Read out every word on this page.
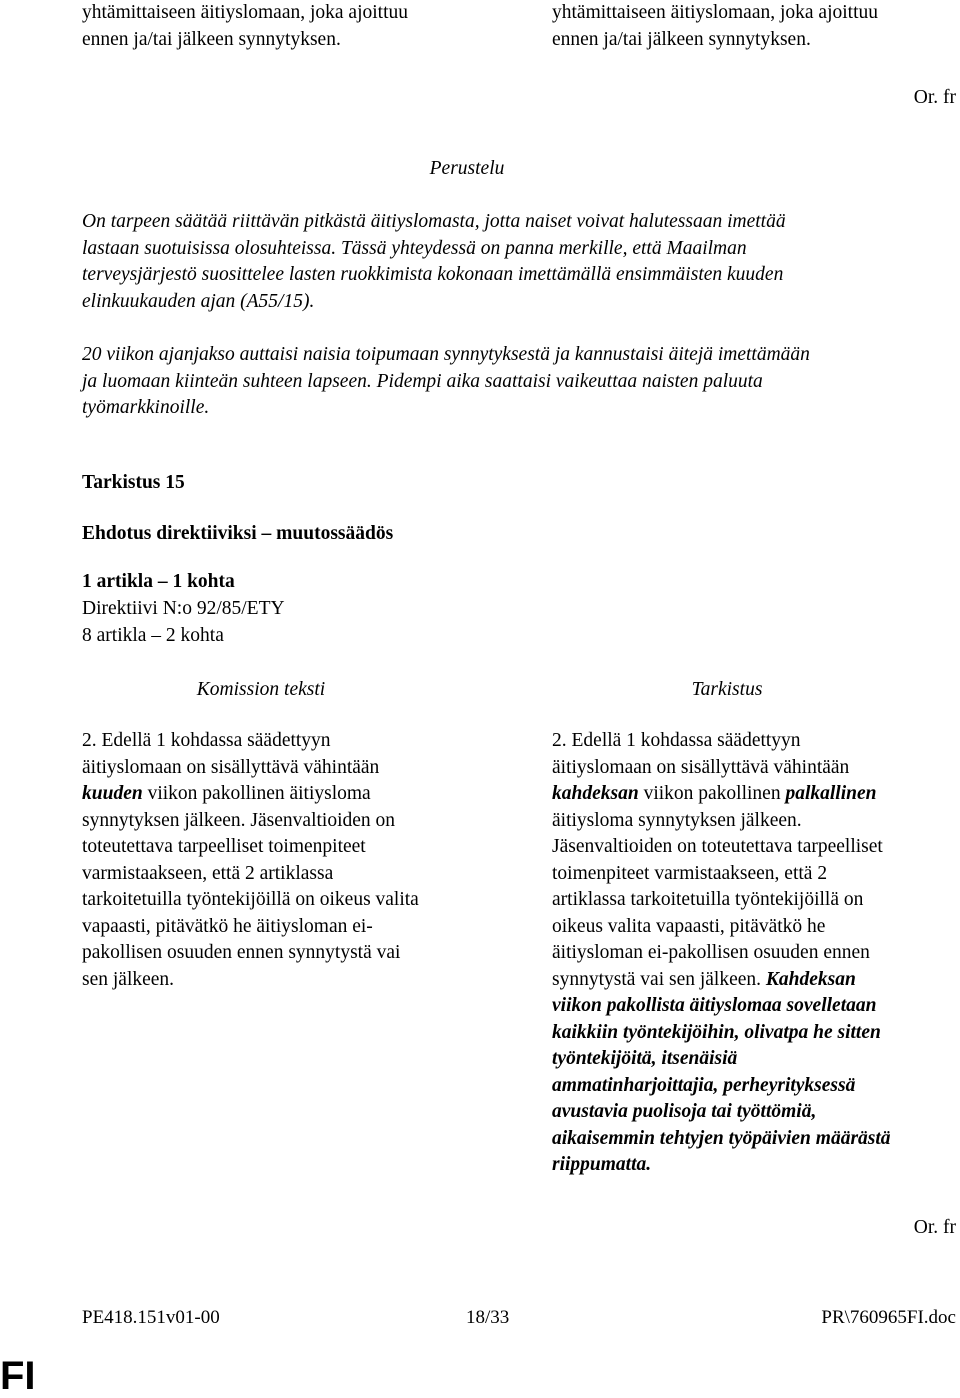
yhtämittaiseen äitiyslomaan, joka ajoittuu
ennen ja/tai jälkeen synnytyksen.
yhtämittaiseen äitiyslomaan, joka ajoittuu
ennen ja/tai jälkeen synnytyksen.
Or. fr
Perustelu
On tarpeen säätää riittävän pitkästä äitiyslomasta, jotta naiset voivat halutessaan imettää
lastaan suotuisissa olosuhteissa. Tässä yhteydessä on panna merkille, että Maailman
terveysjärjestö suosittelee lasten ruokkimista kokonaan imettämällä ensimmäisten kuuden
elinkuukauden ajan (A55/15).
20 viikon ajanjakso auttaisi naisia toipumaan synnytyksestä ja kannustaisi äitejä imettämään
ja luomaan kiinteän suhteen lapseen. Pidempi aika saattaisi vaikeuttaa naisten paluuta
työmarkkinoille.
Tarkistus 15
Ehdotus direktiiviksi – muutossäädös
1 artikla – 1 kohta
Direktiivi N:o 92/85/ETY
8 artikla – 2 kohta
Komission teksti	Tarkistus
2. Edellä 1 kohdassa säädettyyn
äitiyslomaan on sisällyttävä vähintään
kuuden viikon pakollinen äitiysloma
synnytyksen jälkeen. Jäsenvaltioiden on
toteutettava tarpeelliset toimenpiteet
varmistaakseen, että 2 artiklassa
tarkoitetuilla työntekijöillä on oikeus valita
vapaasti, pitävätkö he äitiysloman ei-
pakollisen osuuden ennen synnytystä vai
sen jälkeen.
2. Edellä 1 kohdassa säädettyyn
äitiyslomaan on sisällyttävä vähintään
kahdeksan viikon pakollinen palkallinen
äitiysloma synnytyksen jälkeen.
Jäsenvaltioiden on toteutettava tarpeelliset
toimenpiteet varmistaakseen, että 2
artiklassa tarkoitetuilla työntekijöillä on
oikeus valita vapaasti, pitävätkö he
äitiysloman ei-pakollisen osuuden ennen
synnytystä vai sen jälkeen. Kahdeksan
viikon pakollista äitiyslomaa sovelletaan
kaikkiin työntekijöihin, olivatpa he sitten
työntekijöitä, itsenäisiä
ammatinharjoittajia, perheyrityksessä
avustavia puolisoja tai työttömiä,
aikaisemmin tehtyjen työpäivien määrästä
riippumatta.
Or. fr
PE418.151v01-00	18/33	PR\760965FI.doc
FI
